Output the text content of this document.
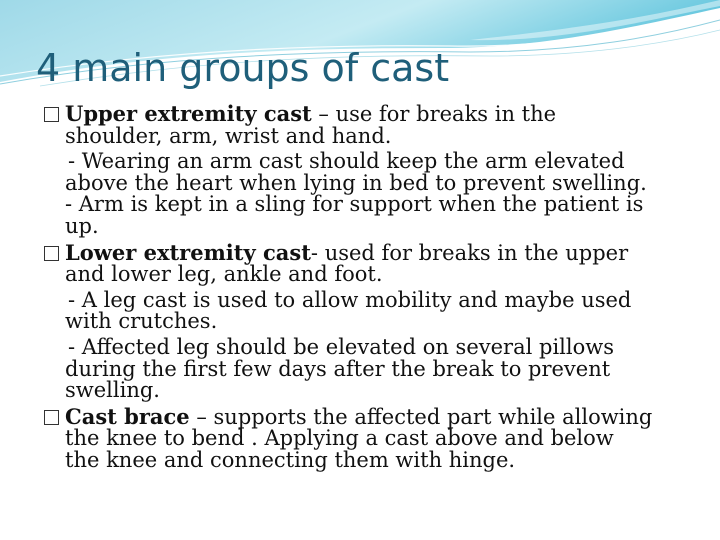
4 main groups of cast
Upper extremity cast – use for breaks in the
shoulder, arm, wrist and hand.
- Wearing an arm cast should keep the arm elevated
above the heart when lying in bed to prevent swelling.
- Arm is kept in a sling for support when the patient is
up.
Lower extremity cast- used for breaks in the upper
and lower leg, ankle and foot.
- A leg cast is used to allow mobility and maybe used
with crutches.
- Affected leg should be elevated on several pillows
during the first few days after the break to prevent
swelling.
Cast brace – supports the affected part while allowing
the knee to bend . Applying a cast above and below
the knee and connecting them with hinge.
